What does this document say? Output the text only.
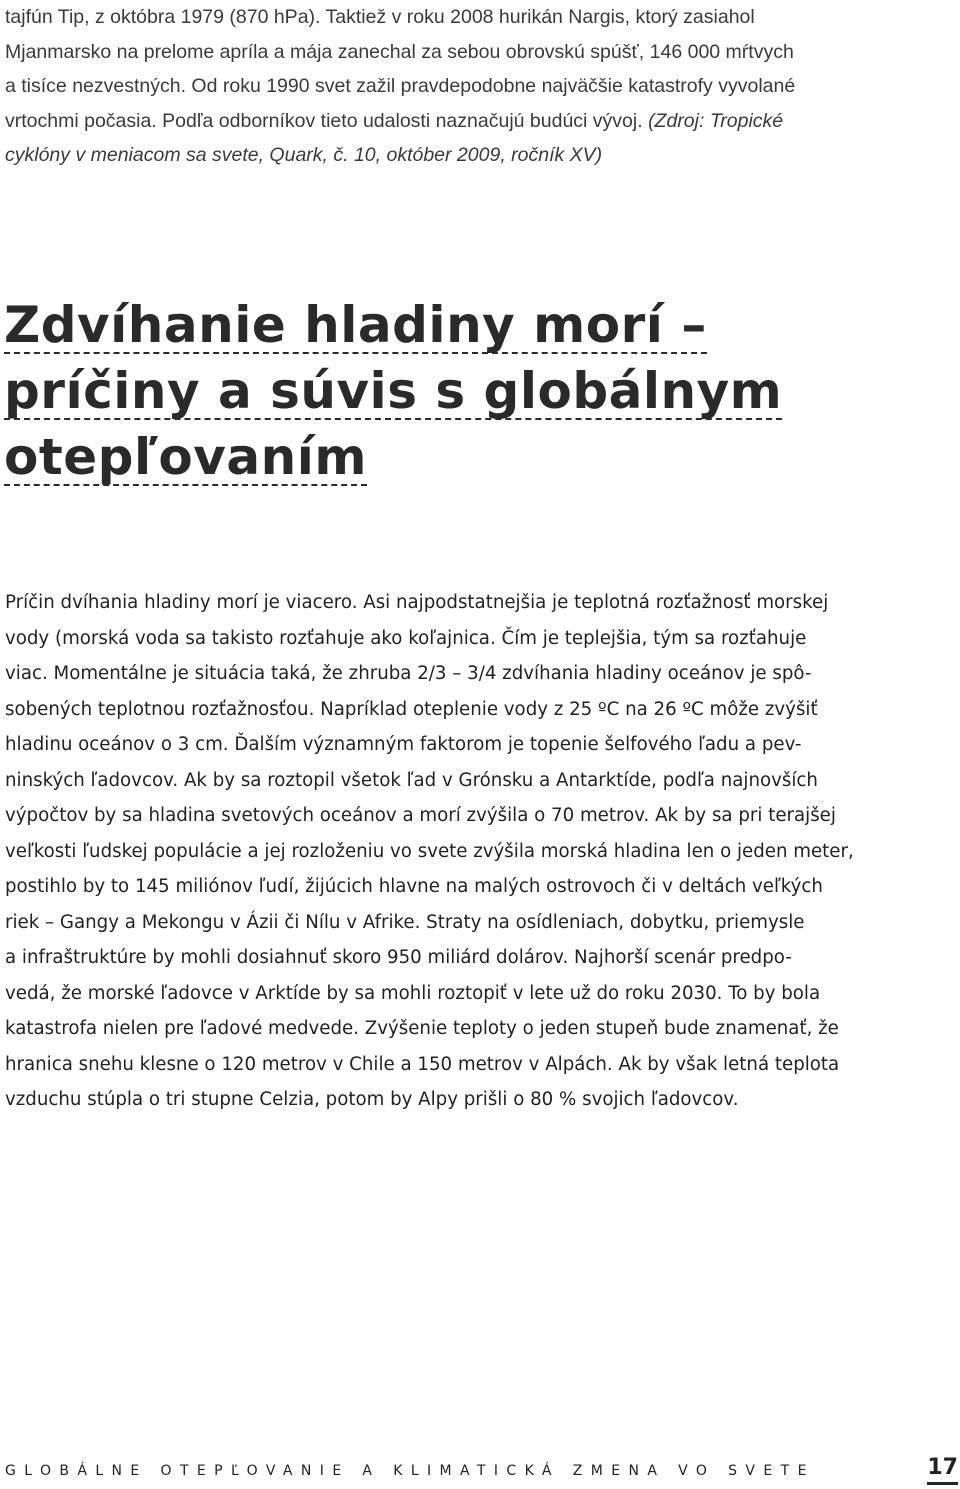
tajfún Tip, z októbra 1979 (870 hPa). Taktiež v roku 2008 hurikán Nargis, ktorý zasiahol
Mjanmarsko na prelome apríla a mája zanechal za sebou obrovskú spúšť, 146 000 mŕtvych
a tisíce nezvestných. Od roku 1990 svet zažil pravdepodobne najväčšie katastrofy vyvolané
vrtochmi počasia. Podľa odborníkov tieto udalosti naznačujú budúci vývoj. (Zdroj: Tropické
cyklóny v meniacom sa svete, Quark, č. 10, október 2009, ročník XV)

Zdvíhanie hladiny morí –
príčiny a súvis s globálnym
otepľovaním

Príčin dvíhania hladiny morí je viacero. Asi najpodstatnejšia je teplotná rozťažnosť morskej
vody (morská voda sa takisto rozťahuje ako koľajnica. Čím je teplejšia, tým sa rozťahuje
viac. Momentálne je situácia taká, že zhruba 2/3 – 3/4 zdvíhania hladiny oceánov je spô-
sobených teplotnou rozťažnosťou. Napríklad oteplenie vody z 25 ºC na 26 ºC môže zvýšiť
hladinu oceánov o 3 cm. Ďalším významným faktorom je topenie šelfového ľadu a pev-
ninských ľadovcov. Ak by sa roztopil všetok ľad v Grónsku a Antarktíde, podľa najnovších
výpočtov by sa hladina svetových oceánov a morí zvýšila o 70 metrov. Ak by sa pri terajšej
veľkosti ľudskej populácie a jej rozloženiu vo svete zvýšila morská hladina len o jeden meter,
postihlo by to 145 miliónov ľudí, žijúcich hlavne na malých ostrovoch či v deltách veľkých
riek – Gangy a Mekongu v Ázii či Nílu v Afrike. Straty na osídleniach, dobytku, priemysle
a infraštruktúre by mohli dosiahnuť skoro 950 miliárd dolárov. Najhorší scenár predpo-
vedá, že morské ľadovce v Arktíde by sa mohli roztopiť v lete už do roku 2030. To by bola
katastrofa nielen pre ľadové medvede. Zvýšenie teploty o jeden stupeň bude znamenať, že
hranica snehu klesne o 120 metrov v Chile a 150 metrov v Alpách. Ak by však letná teplota
vzduchu stúpla o tri stupne Celzia, potom by Alpy prišli o 80 % svojich ľadovcov.

GLOBÁLNE OTEPĽOVANIE A KLIMATICKÁ ZMENA VO SVETE	17
